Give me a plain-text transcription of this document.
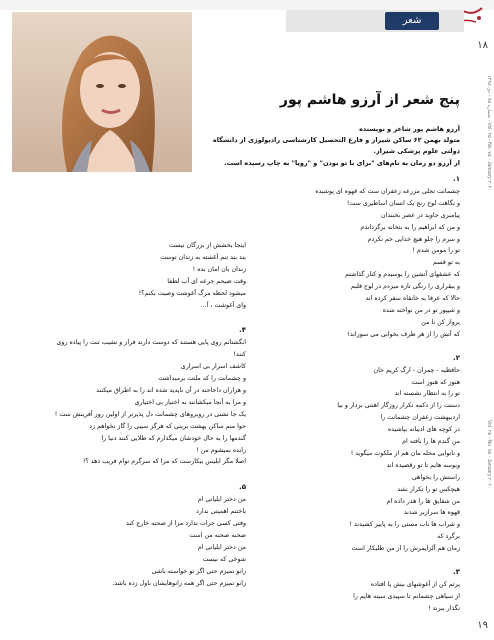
شعر
۱۸
۱۹
شماره ۷۵ - دی ۱۳۹۸ - Vol. ۲۵ - No. ۷۵ - January ۲۰۲۰
Vol. ۲۵ - No. ۷۵ - January ۲۰۲۰
پنج شعر از آرزو هاشم پور
آرزو هاشم پور شاعر و نویسنده
متولد بهمن ۶۲ ساکن شیراز و فارغ التحصیل کارشناسی رادیولوژی از دانشگاه
دولتی علوم پزشکی شیراز.
از آرزو دو رمان به نام‌های "برای با تو بودن" و "رویا" به چاپ رسیده است.
۱.
چشمانت تجلی مزرعه زعفران ست که قهوه ای پوشیده
و نگاهت لوح رنج یک انسان اساطیری ست!
پیامبری جاوید در عصر بخبندان
و من که ابراهیم را به بتخانه برگرداندم
و سرم را جلو هیچ خدایی خم نکردم
تو را مومن شدم !
به تو قسم
که عشقهای آتشین را بوسیدم و کنار گذاشتم
و بیقراری را رنگی تازه میزدم در لوح قلبم
حالا که عرفا به خانقاه سفر کرده اند
و شیپور تو در من نواخته شده
پرواز کن تا من
که آتش را از هر طرف بخوانی می سوزاند!
۲.
حافظیه - چمران - ارگ کریم خان
هنوز که هنوز است
تو را به انتظار نشسته اند
دستت را از دکمه تکرار روزگار اهنتی بردار و بیا
اردیبهشت زعفران چشمانت را
در کوچه های ادیبانه بپاشیده
من گندم ها را بافته ام
و نانوایی محله مان هم از ملکوت میگوید !
وبوسه هایم تا تو رقصیده اند
راستش را بخواهی
هیچکس تو را تکرار نشد
من شقایق ها را هدر داده ام
قهوه ها سرازیر شدند
و شراب ها ناب مستی را به پاییز کشیدند !
برگرد که
زمان هم آلزایمرش را از من طلبکار است
۳.
پرتم کن از آغوشهای بیش پا افتاده
از سیاهی چشمانم تا سپیدی سینه هایم را
نگذار ببرند !
اینجا بخشش از بزرگان نیست
بند بند تنم آغشته به زندان توست
زندان بان امان بده !
وقت ضیحم جرعه ای آب لطفا
میشود لحظه مرگ آغوشت وصیت بکنم؟!
وای آغوشت ، آ...
۴.
انگشتانم روی پایی هستند که دوست دارند فراز و نشیب تنت را پیاده روی
کنند!
کاشف اسرار بی اسراری
و چشمانت را که ملتت برمیداشت
و هزاران داخاحنه در آن ناپدید شده اند را به اطراق میکنند
و مرا به آنجا میکشانند به اختیار بی اختیاری
یک جا تشنی در روبروهای چشمانت دل پذیرتر از اولین روز آفرینش ست !
حوا منم ساکن بهشت برینی که هرگز سیبی را گاز نخواهم زد
گندمها را به حال خودشان میگذارم که طلایی کنند دنیا را
رانده نمیشوم من !
اصلا مگر ابلیس بیکارست که مرا که سرگرم توام فریب دهد ؟!
۵.
من دختر ایلیاتی ام
باختنم اهمیتی ندارد
وقتی کسی جرات ندارد مرا از صحنه خارج کند
صحنه صحنه من است
من دختر ایلیاتی ام
شوخی که نیست
زانو تمیزم حتی اگر تو خواسته باشی
زانو تمیزم حتی اگر همه زانوهایشان ناول زده باشد.
